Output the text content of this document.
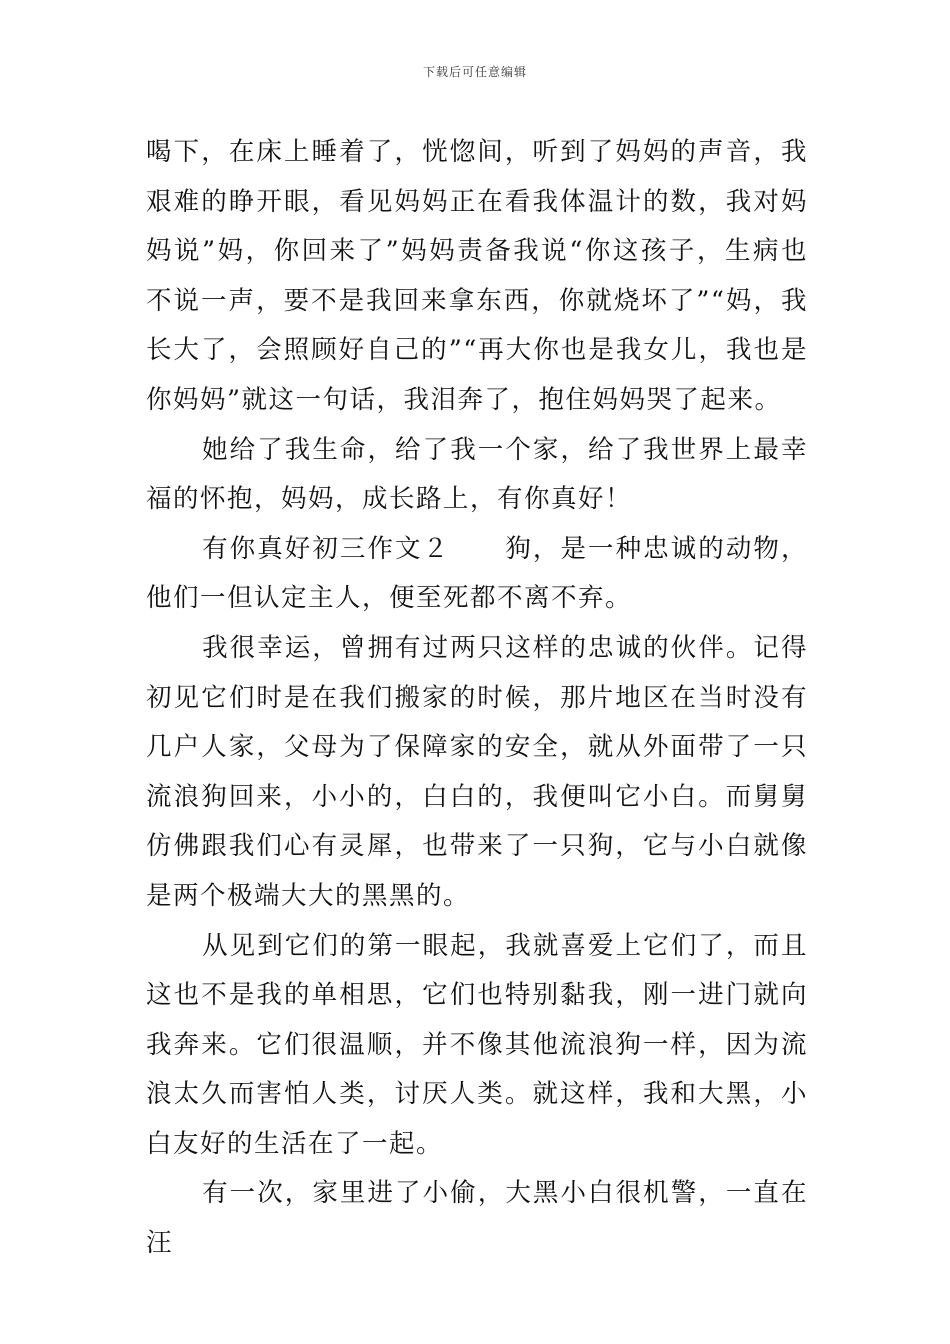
下载后可任意编辑

喝下，在床上睡着了，恍惚间，听到了妈妈的声音，我艰难的睁开眼，看见妈妈正在看我体温计的数，我对妈妈说”妈，你回来了”妈妈责备我说“你这孩子，生病也不说一声，要不是我回来拿东西，你就烧坏了”“妈，我长大了，会照顾好自己的”“再大你也是我女儿，我也是你妈妈”就这一句话，我泪奔了，抱住妈妈哭了起来。

她给了我生命，给了我一个家，给了我世界上最幸福的怀抱，妈妈，成长路上，有你真好！

有你真好初三作文２　　狗，是一种忠诚的动物，他们一但认定主人，便至死都不离不弃。

我很幸运，曾拥有过两只这样的忠诚的伙伴。记得初见它们时是在我们搬家的时候，那片地区在当时没有几户人家，父母为了保障家的安全，就从外面带了一只流浪狗回来，小小的，白白的，我便叫它小白。而舅舅仿佛跟我们心有灵犀，也带来了一只狗，它与小白就像是两个极端大大的黑黑的。

从见到它们的第一眼起，我就喜爱上它们了，而且这也不是我的单相思，它们也特别黏我，刚一进门就向我奔来。它们很温顺，并不像其他流浪狗一样，因为流浪太久而害怕人类，讨厌人类。就这样，我和大黑，小白友好的生活在了一起。

有一次，家里进了小偷，大黑小白很机警，一直在汪
